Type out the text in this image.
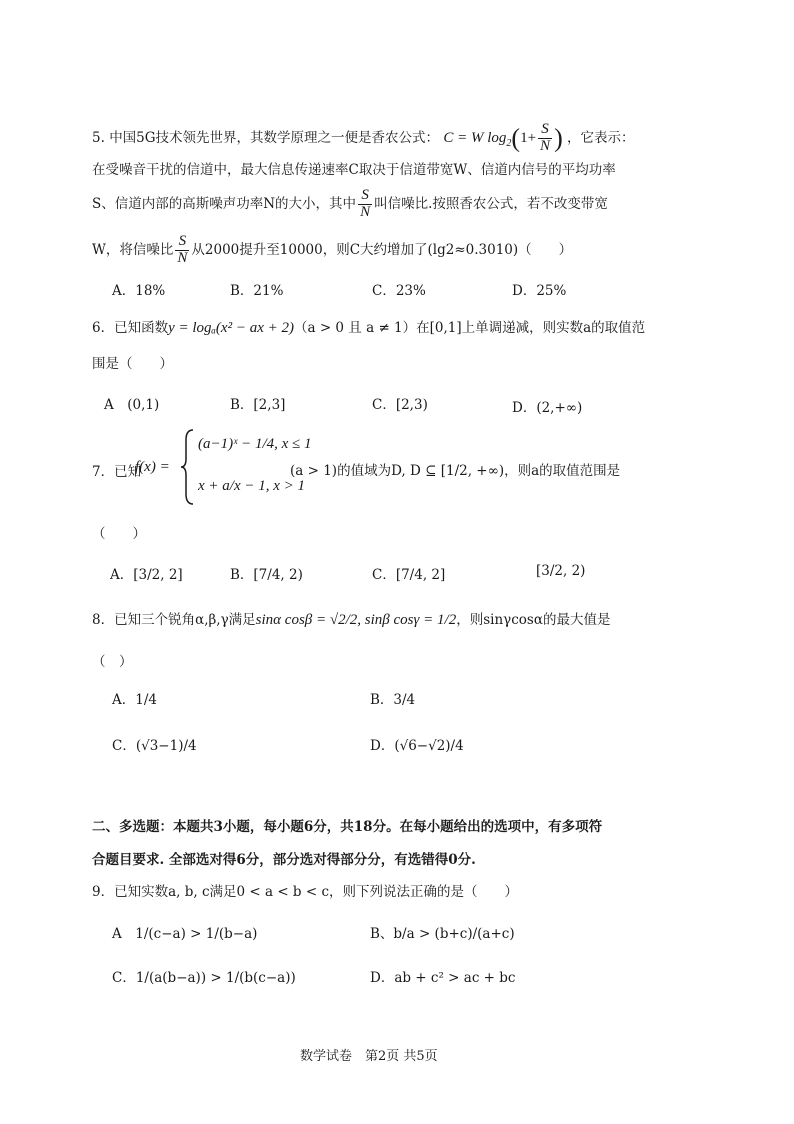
5. 中国5G技术领先世界，其数学原理之一便是香农公式： C = W $\log_2(1+ \frac{S}{N}$ ) ，它表示：
在受噪音干扰的信道中，最大信息传递速率C取决于信道带宽W、信道内信号的平均功率
S、信道内部的高斯噪声功率N的大小，其中 $\frac{S}{N}$ 叫信噪比.按照香农公式，若不改变带宽
W，将信噪比 $\frac{S}{N}$ 从2000提升至10000，则C大约增加了(lg2≈0.3010)（　　）
A．18%	B．21%	C．23%	D．25%
6．已知函数y = logₐ(x² − ax + 2)（a > 0 且 a ≠ 1）在[0,1]上单调递减，则实数a的取值范
围是（　　）
A　(0,1)	B．[2,3]	C．[2,3)	D．(2,+∞)
7．已知
f(x) =
(a−1)ˣ − 1/4, x ≤ 1
x + a/x − 1, x > 1
(a > 1)的值域为D, D ⊆ [1/2, +∞)，则a的取值范围是
（　　）
A．[3/2, 2]	B．[7/4, 2)	C．[7/4, 2]	[3/2, 2)
8．已知三个锐角α,β,γ满足sinα cosβ = √2/2, sinβ cosγ = 1/2，则sinγcosα的最大值是
（　）
A．1/4	B．3/4
C．(√3−1)/4	D．(√6−√2)/4
二、多选题：本题共3小题，每小题6分，共18分。在每小题给出的选项中，有多项符
合题目要求. 全部选对得6分，部分选对得部分分，有选错得0分.
9．已知实数a, b, c满足0 < a < b < c，则下列说法正确的是（　　）
A　1/(c−a) > 1/(b−a)	B、b/a > (b+c)/(a+c)
C．1/(a(b−a)) > 1/(b(c−a))	D．ab + c² > ac + bc
数学试卷　第2页 共5页
